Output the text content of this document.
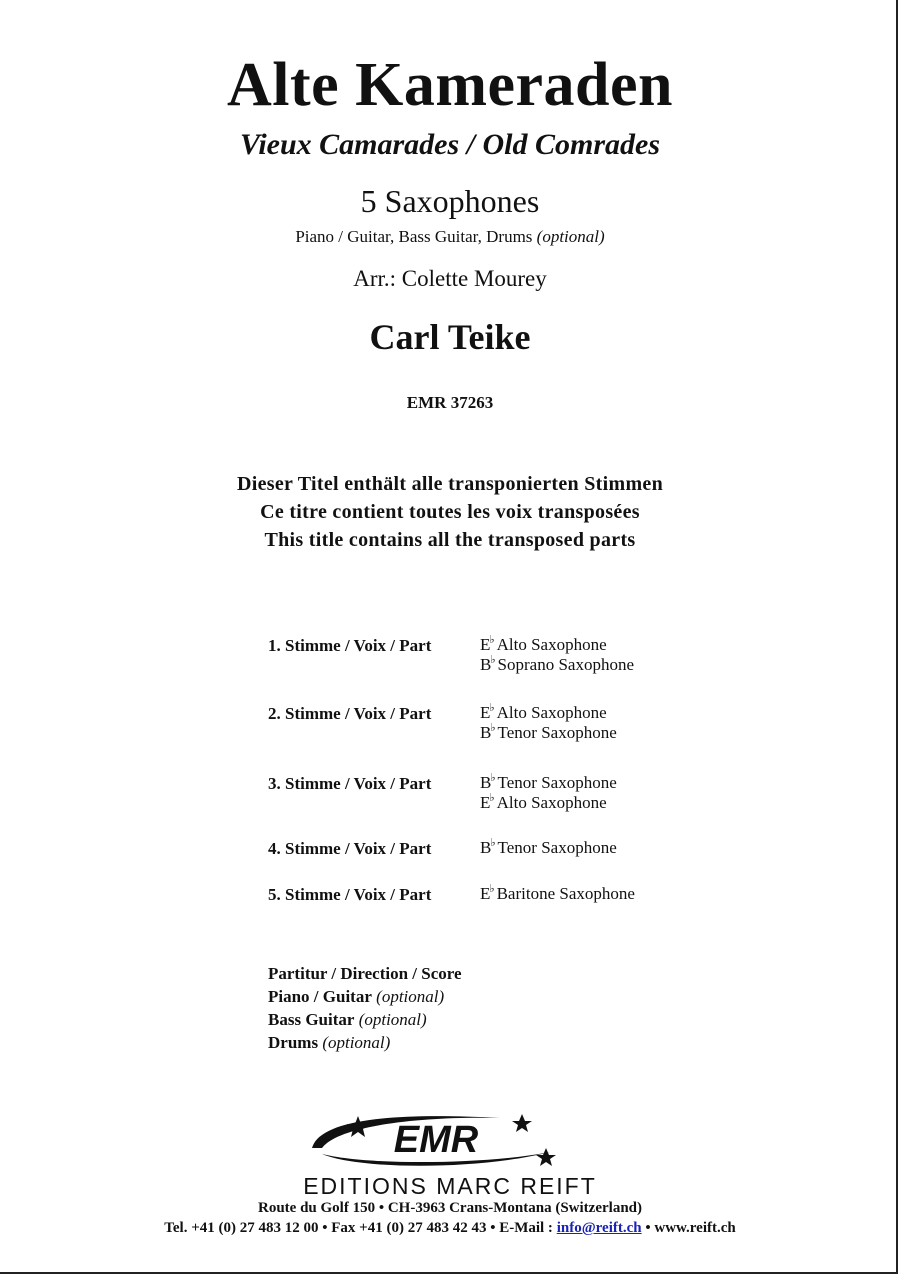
Alte Kameraden
Vieux Camarades / Old Comrades
5 Saxophones
Piano / Guitar, Bass Guitar, Drums (optional)
Arr.: Colette Mourey
Carl Teike
EMR 37263
Dieser Titel enthält alle transponierten Stimmen
Ce titre contient toutes les voix transposées
This title contains all the transposed parts
1. Stimme / Voix / Part	E♭ Alto Saxophone
B♭ Soprano Saxophone
2. Stimme / Voix / Part	E♭ Alto Saxophone
B♭ Tenor Saxophone
3. Stimme / Voix / Part	B♭ Tenor Saxophone
E♭ Alto Saxophone
4. Stimme / Voix / Part	B♭ Tenor Saxophone
5. Stimme / Voix / Part	E♭ Baritone Saxophone
Partitur / Direction / Score
Piano / Guitar (optional)
Bass Guitar (optional)
Drums (optional)
EMR
EDITIONS MARC REIFT
Route du Golf 150 • CH-3963 Crans-Montana (Switzerland)
Tel. +41 (0) 27 483 12 00 • Fax +41 (0) 27 483 42 43 • E-Mail : info@reift.ch • www.reift.ch
